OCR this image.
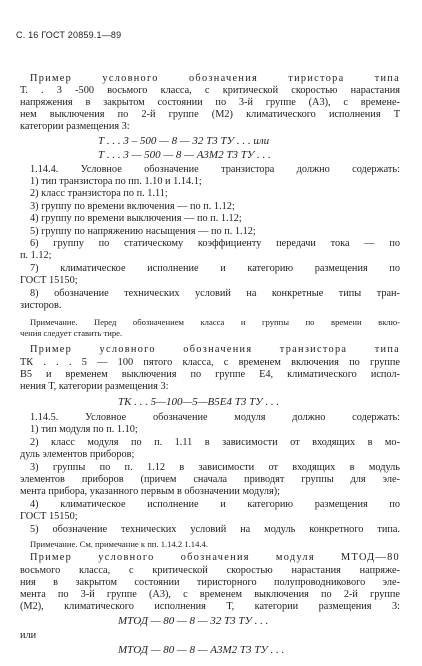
С. 16 ГОСТ 20859.1—89
Пример условного обозначения тиристора типа
Т. . 3 -500 восьмого класса, с критической скоростью нарастания
напряжения в закрытом состоянии по 3-й группе (А3), с времене-
нем выключения по 2-й группе (М2) климатического исполнения Т
категории размещения 3:
Т . . . 3 – 500 — 8 — 32 Т3 ТУ . . . или
Т . . . 3 — 500 — 8 — А3М2 Т3 ТУ . . .
1.14.4. Условное обозначение транзистора должно содержать:
1) тип транзистора по пп. 1.10 и 1.14.1;
2) класс транзистора по п. 1.11;
3) группу по времени включения — по п. 1.12;
4) группу по времени выключения — по п. 1.12;
5) группу по напряжению насыщения — по п. 1.12;
6) группу по статическому коэффициенту передачи тока — по
п. 1.12;
7) климатическое исполнение и категорию размещения по
ГОСТ 15150;
8) обозначение технических условий на конкретные типы тран-
зисторов.
Примечание. Перед обозначением класса и группы по времени вклю-
чения следует ставить тире.
Пример условного обозначения транзистора типа
ТК . . . 5 — 100 пятого класса, с временем включения по группе
В5 и временем выключения по группе Е4, климатического испол-
нения Т, категории размещения 3:
ТК . . . 5—100—5—В5Е4 Т3 ТУ . . .
1.14.5. Условное обозначение модуля должно содержать:
1) тип модуля по п. 1.10;
2) класс модуля по п. 1.11 в зависимости от входящих в мо-
дуль элементов приборов;
3) группы по п. 1.12 в зависимости от входящих в модуль
элементов приборов (причем сначала приводят группы для эле-
мента прибора, указанного первым в обозначении модуля);
4) климатическое исполнение и категорию размещения по
ГОСТ 15150;
5) обозначение технических условий на модуль конкретного типа.
Примечание. См. примечание к пп. 1.14.2 1.14.4.
Пример условного обозначения модуля МТОД—80
восьмого класса, с критической скоростью нарастания напряже-
ния в закрытом состоянии тиристорного полупроводникового эле-
мента по 3-й группе (А3), с временем выключения по 2-й группе
(М2), климатического исполнения Т, категории размещения 3:
МТОД — 80 — 8 — 32 Т3 ТУ . . .
или
МТОД — 80 — 8 — А3М2 Т3 ТУ . . .
